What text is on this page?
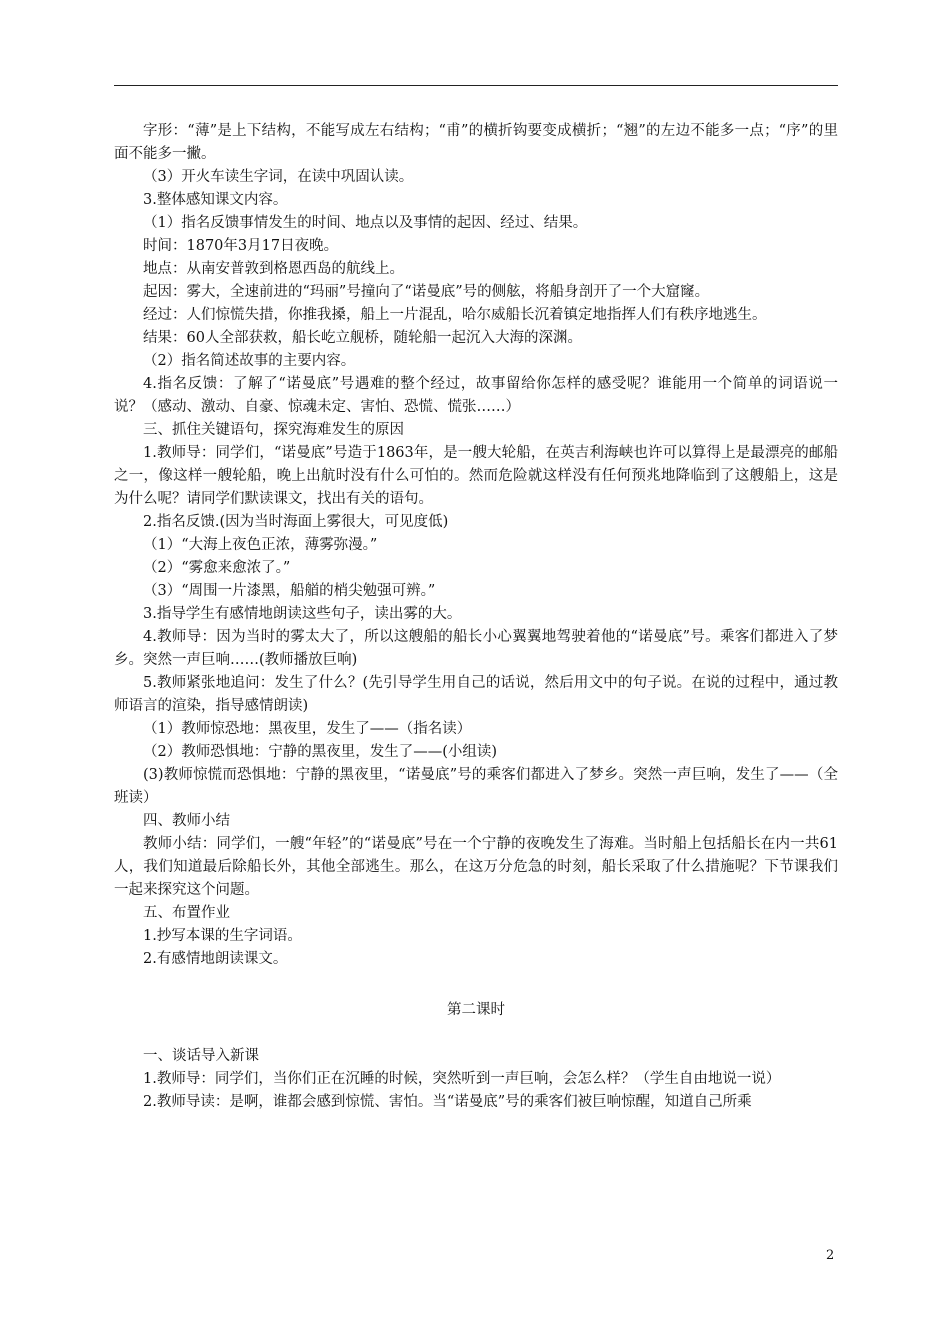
字形：“薄”是上下结构，不能写成左右结构；“甫”的横折钩要变成横折；“翘”的左边不能多一点；“序”的里面不能多一撇。

（3）开火车读生字词，在读中巩固认读。

3.整体感知课文内容。

（1）指名反馈事情发生的时间、地点以及事情的起因、经过、结果。

时间：1870年3月17日夜晚。

地点：从南安普敦到格恩西岛的航线上。

起因：雾大，全速前进的“玛丽”号撞向了“诺曼底”号的侧舷，将船身剖开了一个大窟窿。

经过：人们惊慌失措，你推我搡，船上一片混乱，哈尔威船长沉着镇定地指挥人们有秩序地逃生。

结果：60人全部获救，船长屹立舰桥，随轮船一起沉入大海的深渊。

（2）指名简述故事的主要内容。

4.指名反馈：了解了“诺曼底”号遇难的整个经过，故事留给你怎样的感受呢？谁能用一个简单的词语说一说？（感动、激动、自豪、惊魂未定、害怕、恐慌、慌张……）

三、抓住关键语句，探究海难发生的原因

1.教师导：同学们，“诺曼底”号造于1863年，是一艘大轮船，在英吉利海峡也许可以算得上是最漂亮的邮船之一，像这样一艘轮船，晚上出航时没有什么可怕的。然而危险就这样没有任何预兆地降临到了这艘船上，这是为什么呢？请同学们默读课文，找出有关的语句。

2.指名反馈.(因为当时海面上雾很大，可见度低)

（1）“大海上夜色正浓，薄雾弥漫。”

（2）“雾愈来愈浓了。”

（3）“周围一片漆黑，船艏的梢尖勉强可辨。”

3.指导学生有感情地朗读这些句子，读出雾的大。

4.教师导：因为当时的雾太大了，所以这艘船的船长小心翼翼地驾驶着他的“诺曼底”号。乘客们都进入了梦乡。突然一声巨响……(教师播放巨响)

5.教师紧张地追问：发生了什么？(先引导学生用自己的话说，然后用文中的句子说。在说的过程中，通过教师语言的渲染，指导感情朗读)

（1）教师惊恐地：黑夜里，发生了——（指名读）

（2）教师恐惧地：宁静的黑夜里，发生了——(小组读)

(3)教师惊慌而恐惧地：宁静的黑夜里，“诺曼底”号的乘客们都进入了梦乡。突然一声巨响，发生了——（全班读）

四、教师小结

教师小结：同学们，一艘“年轻”的“诺曼底”号在一个宁静的夜晚发生了海难。当时船上包括船长在内一共61人，我们知道最后除船长外，其他全部逃生。那么，在这万分危急的时刻，船长采取了什么措施呢？下节课我们一起来探究这个问题。

五、布置作业

1.抄写本课的生字词语。

2.有感情地朗读课文。

第二课时

一、谈话导入新课

1.教师导：同学们，当你们正在沉睡的时候，突然听到一声巨响，会怎么样？（学生自由地说一说）

2.教师导读：是啊，谁都会感到惊慌、害怕。当“诺曼底”号的乘客们被巨响惊醒，知道自己所乘

2
